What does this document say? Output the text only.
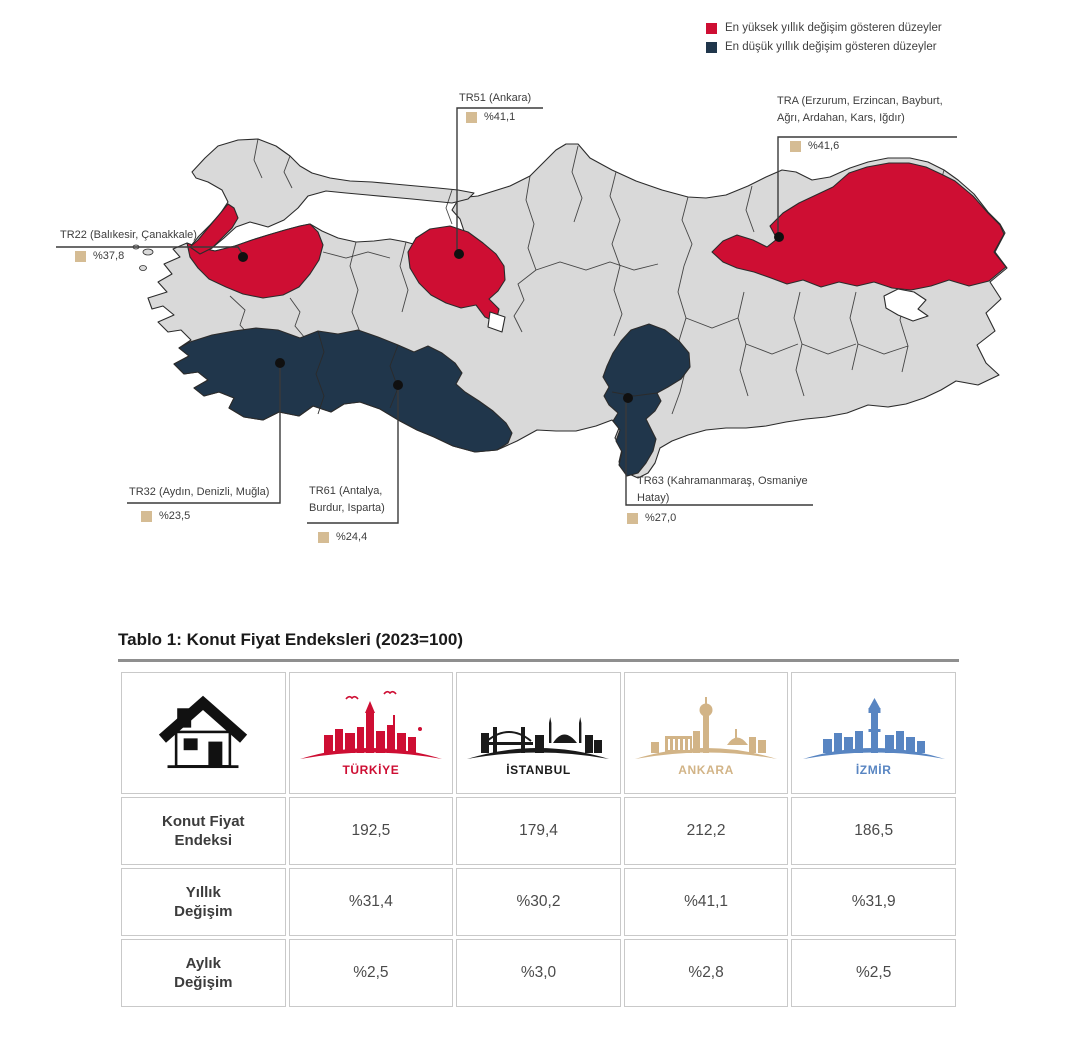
En yüksek yıllık değişim gösteren düzeyler
En düşük yıllık değişim gösteren düzeyler
TR51 (Ankara)
%41,1
TRA (Erzurum, Erzincan, Bayburt,
Ağrı, Ardahan, Kars, Iğdır)
%41,6
TR22 (Balıkesir, Çanakkale)
%37,8
TR32 (Aydın, Denizli, Muğla)
%23,5
TR61 (Antalya,
Burdur, Isparta)
%24,4
TR63 (Kahramanmaraş, Osmaniye
Hatay)
%27,0
Tablo 1: Konut Fiyat Endeksleri (2023=100)

TÜRKİYE	İSTANBUL	ANKARA	İZMİR

Konut Fiyat
Endeksi	192,5	179,4	212,2	186,5

Yıllık
Değişim	%31,4	%30,2	%41,1	%31,9

Aylık
Değişim	%2,5	%3,0	%2,8	%2,5
